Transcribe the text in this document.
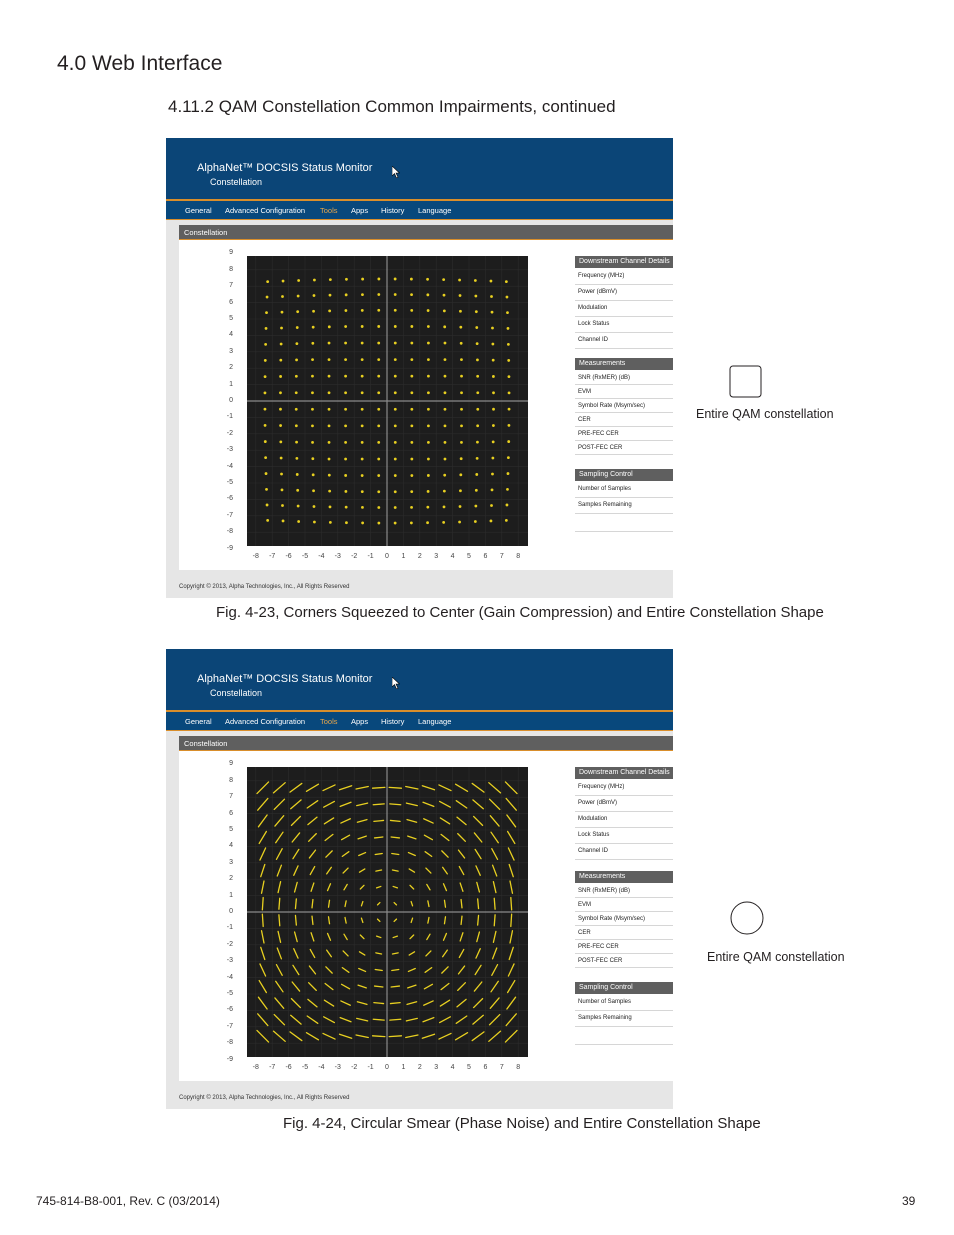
4.0 Web Interface
4.11.2 QAM Constellation Common Impairments, continued
AlphaNet™ DOCSIS Status Monitor
Constellation
General Advanced Configuration Tools Apps History Language
Constellation
9
8
7
6
5
4
3
2
1
0
-1
-2
-3
-4
-5
-6
-7
-8
-9
-8	-7	-6	-5	-4	-3	-2	-1	0	1	2	3	4	5	6	7	8
Downstream Channel Details
Frequency (MHz)
Power (dBmV)
Modulation
Lock Status
Channel ID
Measurements
SNR (RxMER) (dB)
EVM
Symbol Rate (Msym/sec)
CER
PRE-FEC CER
POST-FEC CER
Sampling Control
Number of Samples
Samples Remaining
Copyright © 2013, Alpha Technologies, Inc., All Rights Reserved
Fig. 4-23, Corners Squeezed to Center (Gain Compression) and Entire Constellation Shape
Entire QAM constellation
AlphaNet™ DOCSIS Status Monitor
Constellation
General Advanced Configuration Tools Apps History Language
Constellation
9
8
7
6
5
4
3
2
1
0
-1
-2
-3
-4
-5
-6
-7
-8
-9
-8	-7	-6	-5	-4	-3	-2	-1	0	1	2	3	4	5	6	7	8
Downstream Channel Details
Frequency (MHz)
Power (dBmV)
Modulation
Lock Status
Channel ID
Measurements
SNR (RxMER) (dB)
EVM
Symbol Rate (Msym/sec)
CER
PRE-FEC CER
POST-FEC CER
Sampling Control
Number of Samples
Samples Remaining
Copyright © 2013, Alpha Technologies, Inc., All Rights Reserved
Fig. 4-24, Circular Smear (Phase Noise) and Entire Constellation Shape
Entire QAM constellation
745-814-B8-001, Rev. C (03/2014)	39
